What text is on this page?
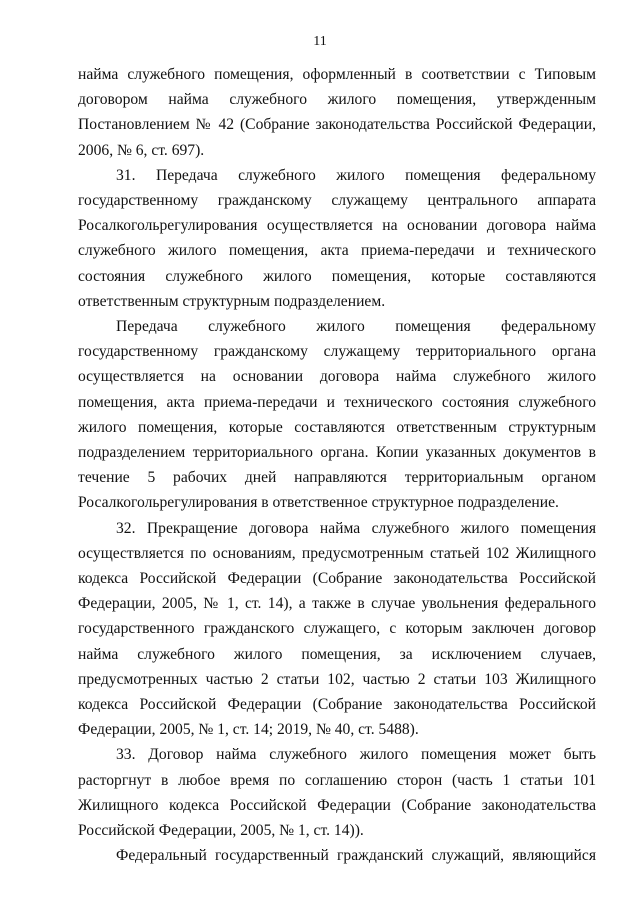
11

найма служебного помещения, оформленный в соответствии с Типовым договором найма служебного жилого помещения, утвержденным Постановлением № 42 (Собрание законодательства Российской Федерации, 2006, № 6, ст. 697).

31. Передача служебного жилого помещения федеральному государственному гражданскому служащему центрального аппарата Росалкогольрегулирования осуществляется на основании договора найма служебного жилого помещения, акта приема-передачи и технического состояния служебного жилого помещения, которые составляются ответственным структурным подразделением.

Передача служебного жилого помещения федеральному государственному гражданскому служащему территориального органа осуществляется на основании договора найма служебного жилого помещения, акта приема-передачи и технического состояния служебного жилого помещения, которые составляются ответственным структурным подразделением территориального органа. Копии указанных документов в течение 5 рабочих дней направляются территориальным органом Росалкогольрегулирования в ответственное структурное подразделение.

32. Прекращение договора найма служебного жилого помещения осуществляется по основаниям, предусмотренным статьей 102 Жилищного кодекса Российской Федерации (Собрание законодательства Российской Федерации, 2005, № 1, ст. 14), а также в случае увольнения федерального государственного гражданского служащего, с которым заключен договор найма служебного жилого помещения, за исключением случаев, предусмотренных частью 2 статьи 102, частью 2 статьи 103 Жилищного кодекса Российской Федерации (Собрание законодательства Российской Федерации, 2005, № 1, ст. 14; 2019, № 40, ст. 5488).

33. Договор найма служебного жилого помещения может быть расторгнут в любое время по соглашению сторон (часть 1 статьи 101 Жилищного кодекса Российской Федерации (Собрание законодательства Российской Федерации, 2005, № 1, ст. 14)).

Федеральный государственный гражданский служащий, являющийся
